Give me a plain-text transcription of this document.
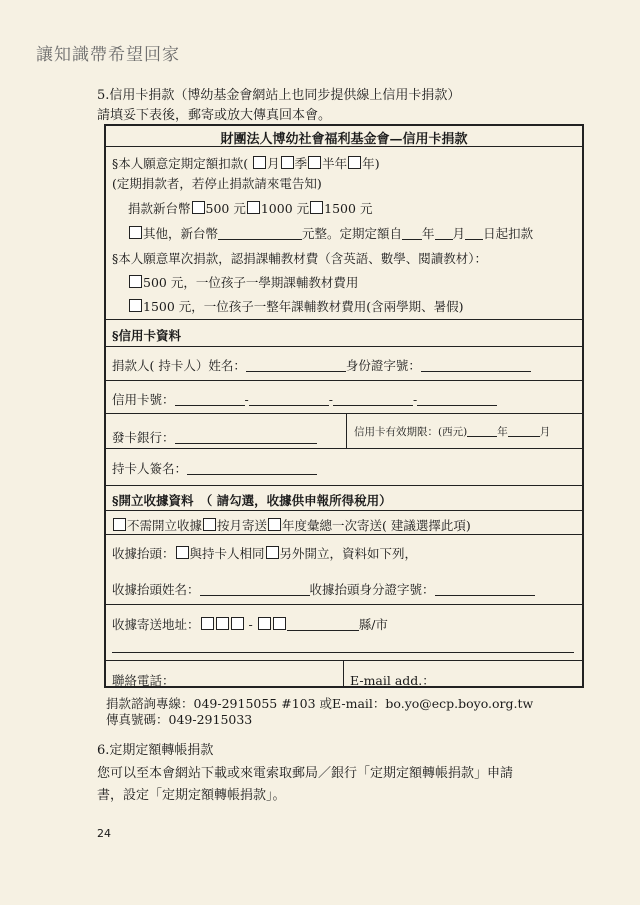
讓知識帶希望回家
5.信用卡捐款（博幼基金會網站上也同步提供線上信用卡捐款）
請填妥下表後，郵寄或放大傳真回本會。
財團法人博幼社會福利基金會—信用卡捐款
§本人願意定期定額扣款( 月 季 半年 年)
(定期捐款者，若停止捐款請來電告知)
捐款新台幣 500 元 1000 元 1500 元
其他，新台幣	元整。定期定額自 年 月 日起扣款
§本人願意單次捐款，認捐課輔教材費（含英語、數學、閱讀教材）：
500 元，一位孩子一學期課輔教材費用
1500 元，一位孩子一整年課輔教材費用(含兩學期、暑假)
§信用卡資料
捐款人( 持卡人）姓名：	身份證字號：
信用卡號：	-	-	-
發卡銀行：	信用卡有效期限：(西元)	年	月
持卡人簽名：
§開立收據資料　（ 請勾選，收據供申報所得稅用）
不需開立收據 按月寄送 年度彙總一次寄送( 建議選擇此項)
收據抬頭： 與持卡人相同 另外開立，資料如下列，
收據抬頭姓名：	收據抬頭身分證字號：
收據寄送地址：	-	縣/市
聯絡電話：	E-mail add.：
捐款諮詢專線：049-2915055 #103 或E-mail：bo.yo@ecp.boyo.org.tw
傳真號碼：049-2915033
6.定期定額轉帳捐款
您可以至本會網站下載或來電索取郵局／銀行「定期定額轉帳捐款」申請
書，設定「定期定額轉帳捐款」。
24
